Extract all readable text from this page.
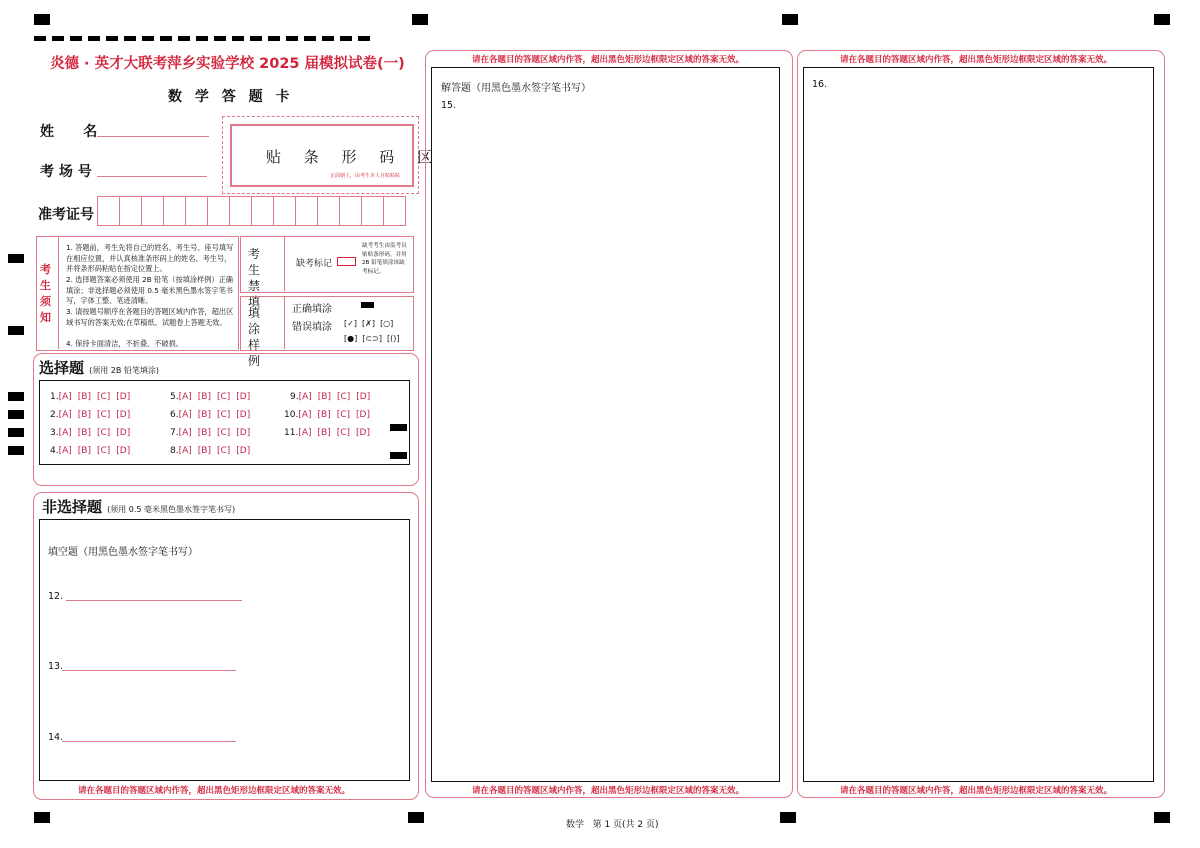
炎德 · 英才大联考萍乡实验学校 2025 届模拟试卷(一)
数 学 答 题 卡
姓      名
考 场 号
准考证号
贴 条 形 码 区
正面朝上，由考生本人自贴贴贴
考生须知
1. 答题前，考生先将自己的姓名、考生号、座号填写在相应位置，并认真核准条形码上的姓名、考生号，并将条形码粘贴在指定位置上。
2. 选择题答案必须使用 2B 铅笔（按填涂样例）正确填涂；非选择题必须使用 0.5 毫米黑色墨水签字笔书写，字体工整、笔迹清晰。
3. 请按题号顺序在各题目的答题区域内作答，超出区域书写的答案无效;在草稿纸、试题卷上答题无效。
4. 保持卡面清洁，不折叠、不破损。
考 生 禁 填
缺考标记
缺考考生由监考员贴贴条形码，并用 2B 铅笔填涂该缺考标记。
填 涂 样 例
正确填涂
错误填涂 [✓]  [✗]  [○]
[●]  [⊂⊃]  [()]
选择题 (须用 2B 铅笔填涂)
1.[A] [B] [C] [D]
2.[A] [B] [C] [D]
3.[A] [B] [C] [D]
4.[A] [B] [C] [D]
5.[A] [B] [C] [D]
6.[A] [B] [C] [D]
7.[A] [B] [C] [D]
8.[A] [B] [C] [D]
9.[A] [B] [C] [D]
10.[A] [B] [C] [D]
11.[A] [B] [C] [D]
非选择题 (须用 0.5 毫米黑色墨水签字笔书写)
填空题（用黑色墨水签字笔书写）
12.
13.
14.
请在各题目的答题区域内作答，超出黑色矩形边框限定区域的答案无效。
请在各题目的答题区域内作答，超出黑色矩形边框限定区域的答案无效。
解答题（用黑色墨水签字笔书写）
15.
请在各题目的答题区域内作答，超出黑色矩形边框限定区域的答案无效。
请在各题目的答题区域内作答，超出黑色矩形边框限定区域的答案无效。
16.
请在各题目的答题区域内作答，超出黑色矩形边框限定区域的答案无效。
数学   第 1 页(共 2 页)
